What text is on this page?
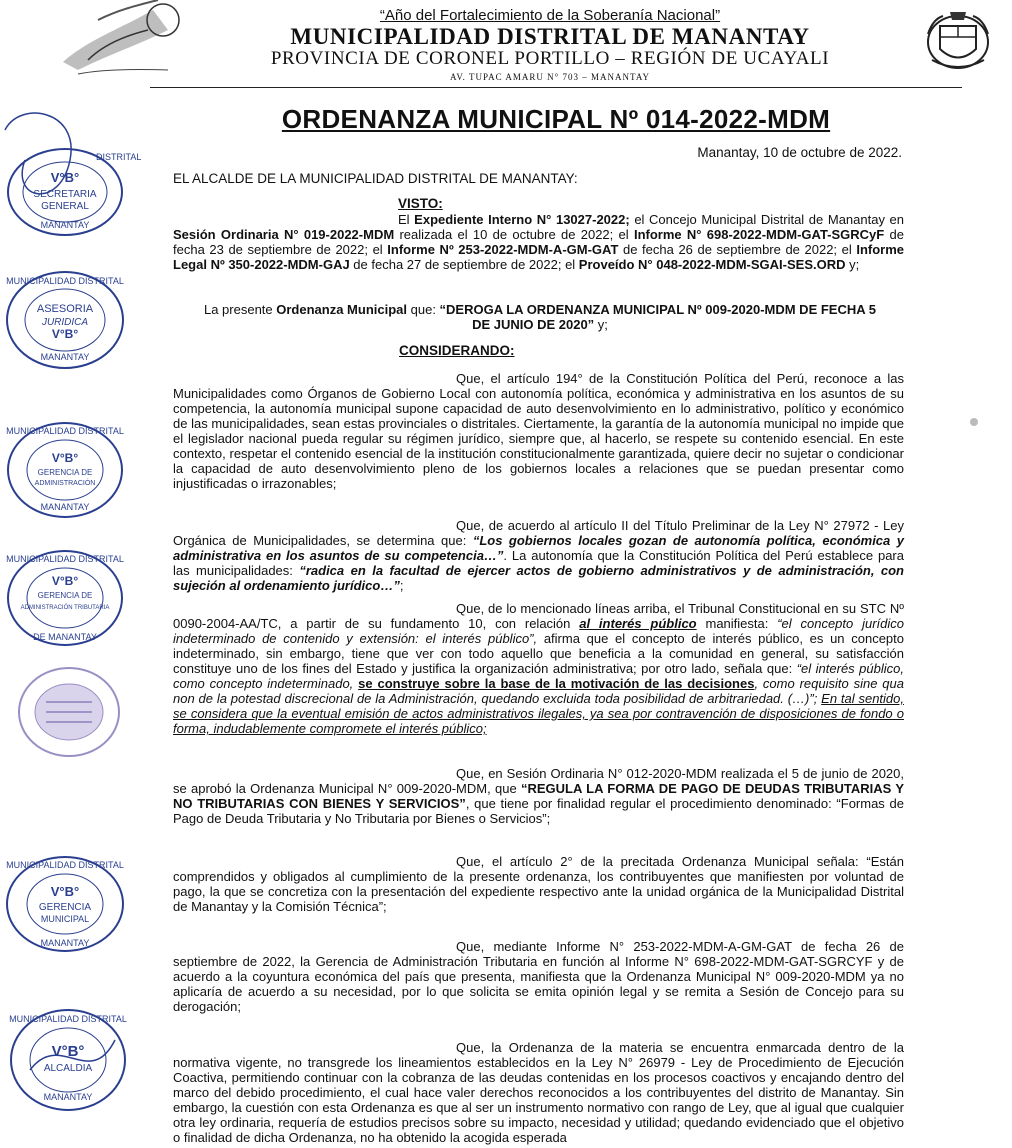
“Año del Fortalecimiento de la Soberanía Nacional”
MUNICIPALIDAD DISTRITAL DE MANANTAY
PROVINCIA DE CORONEL PORTILLO – REGIÓN DE UCAYALI
AV. TUPAC AMARU N° 703 – MANANTAY
ORDENANZA MUNICIPAL Nº 014-2022-MDM
Manantay, 10 de octubre de 2022.
EL ALCALDE DE LA MUNICIPALIDAD DISTRITAL DE MANANTAY:
VISTO:

El Expediente Interno N° 13027-2022; el Concejo Municipal Distrital de Manantay en Sesión Ordinaria N° 019-2022-MDM realizada el 10 de octubre de 2022; el Informe N° 698-2022-MDM-GAT-SGRCyF de fecha 23 de septiembre de 2022; el Informe Nº 253-2022-MDM-A-GM-GAT de fecha 26 de septiembre de 2022; el Informe Legal Nº 350-2022-MDM-GAJ de fecha 27 de septiembre de 2022; el Proveído N° 048-2022-MDM-SGAI-SES.ORD y;

La presente Ordenanza Municipal que: “DEROGA LA ORDENANZA MUNICIPAL Nº 009-2020-MDM DE FECHA 5 DE JUNIO DE 2020” y;

CONSIDERANDO:

Que, el artículo 194° de la Constitución Política del Perú, reconoce a las Municipalidades como Órganos de Gobierno Local con autonomía política, económica y administrativa en los asuntos de su competencia, la autonomía municipal supone capacidad de auto desenvolvimiento en lo administrativo, político y económico de las municipalidades, sean estas provinciales o distritales. Ciertamente, la garantía de la autonomía municipal no impide que el legislador nacional pueda regular su régimen jurídico, siempre que, al hacerlo, se respete su contenido esencial. En este contexto, respetar el contenido esencial de la institución constitucionalmente garantizada, quiere decir no sujetar o condicionar la capacidad de auto desenvolvimiento pleno de los gobiernos locales a relaciones que se puedan presentar como injustificadas o irrazonables;

Que, de acuerdo al artículo II del Título Preliminar de la Ley N° 27972 - Ley Orgánica de Municipalidades, se determina que: “Los gobiernos locales gozan de autonomía política, económica y administrativa en los asuntos de su competencia…”. La autonomía que la Constitución Política del Perú establece para las municipalidades: “radica en la facultad de ejercer actos de gobierno administrativos y de administración, con sujeción al ordenamiento jurídico…”;

Que, de lo mencionado líneas arriba, el Tribunal Constitucional en su STC Nº 0090-2004-AA/TC, a partir de su fundamento 10, con relación al interés público manifiesta: “el concepto jurídico indeterminado de contenido y extensión: el interés público”, afirma que el concepto de interés público, es un concepto indeterminado, sin embargo, tiene que ver con todo aquello que beneficia a la comunidad en general, su satisfacción constituye uno de los fines del Estado y justifica la organización administrativa; por otro lado, señala que: “el interés público, como concepto indeterminado, se construye sobre la base de la motivación de las decisiones, como requisito sine qua non de la potestad discrecional de la Administración, quedando excluida toda posibilidad de arbitrariedad. (…)”; En tal sentido, se considera que la eventual emisión de actos administrativos ilegales, ya sea por contravención de disposiciones de fondo o forma, indudablemente compromete el interés público;

Que, en Sesión Ordinaria N° 012-2020-MDM realizada el 5 de junio de 2020, se aprobó la Ordenanza Municipal N° 009-2020-MDM, que “REGULA LA FORMA DE PAGO DE DEUDAS TRIBUTARIAS Y NO TRIBUTARIAS CON BIENES Y SERVICIOS”, que tiene por finalidad regular el procedimiento denominado: “Formas de Pago de Deuda Tributaria y No Tributaria por Bienes o Servicios”;

Que, el artículo 2° de la precitada Ordenanza Municipal señala: “Están comprendidos y obligados al cumplimiento de la presente ordenanza, los contribuyentes que manifiesten por voluntad de pago, la que se concretiza con la presentación del expediente respectivo ante la unidad orgánica de la Municipalidad Distrital de Manantay y la Comisión Técnica”;

Que, mediante Informe N° 253-2022-MDM-A-GM-GAT de fecha 26 de septiembre de 2022, la Gerencia de Administración Tributaria en función al Informe N° 698-2022-MDM-GAT-SGRCYF y de acuerdo a la coyuntura económica del país que presenta, manifiesta que la Ordenanza Municipal N° 009-2020-MDM ya no aplicaría de acuerdo a su necesidad, por lo que solicita se emita opinión legal y se remita a Sesión de Concejo para su derogación;

Que, la Ordenanza de la materia se encuentra enmarcada dentro de la normativa vigente, no transgrede los lineamientos establecidos en la Ley N° 26979 - Ley de Procedimiento de Ejecución Coactiva, permitiendo continuar con la cobranza de las deudas contenidas en los procesos coactivos y encajando dentro del marco del debido procedimiento, el cual hace valer derechos reconocidos a los contribuyentes del distrito de Manantay. Sin embargo, la cuestión con esta Ordenanza es que al ser un instrumento normativo con rango de Ley, que al igual que cualquier otra ley ordinaria, requería de estudios precisos sobre su impacto, necesidad y utilidad; quedando evidenciado que el objetivo o finalidad de dicha Ordenanza, no ha obtenido la acogida esperada

DISTRITAL
V°B°
SECRETARIA
GENERAL
MANANTAY
MUNICIPALIDAD DISTRITAL
ASESORIA
JURIDICA
V°B°
MANANTAY
MUNICIPALIDAD DISTRITAL
V°B°
GERENCIA DE
ADMINISTRACIÓN
MANANTAY
MUNICIPALIDAD DISTRITAL
V°B°
GERENCIA DE
ADMINISTRACIÓN TRIBUTARIA
DE MANANTAY
MUNICIPALIDAD DISTRITAL
V°B°
GERENCIA
MUNICIPAL
MANANTAY
MUNICIPALIDAD DISTRITAL
V°B°
ALCALDIA
MANANTAY
